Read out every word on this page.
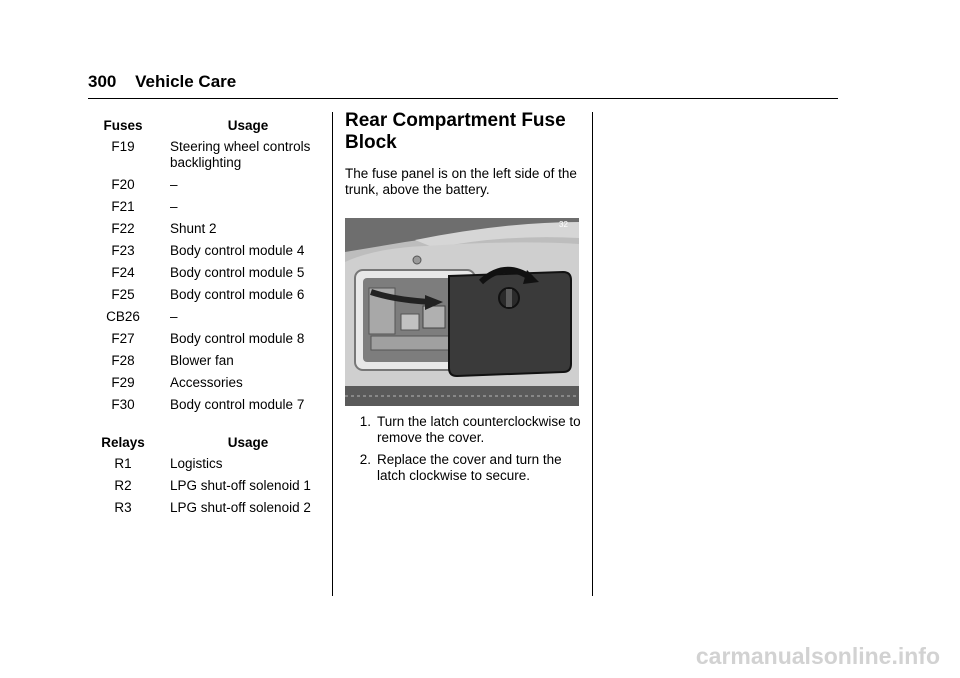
300 Vehicle Care
Fuses	Usage
F19	Steering wheel controls backlighting
F20	–
F21	–
F22	Shunt 2
F23	Body control module 4
F24	Body control module 5
F25	Body control module 6
CB26	–
F27	Body control module 8
F28	Blower fan
F29	Accessories
F30	Body control module 7
Relays	Usage
R1	Logistics
R2	LPG shut-off solenoid 1
R3	LPG shut-off solenoid 2
Rear Compartment Fuse Block

The fuse panel is on the left side of the trunk, above the battery.

32
1. Turn the latch counterclockwise to remove the cover.
2. Replace the cover and turn the latch clockwise to secure.
carmanualsonline.info
